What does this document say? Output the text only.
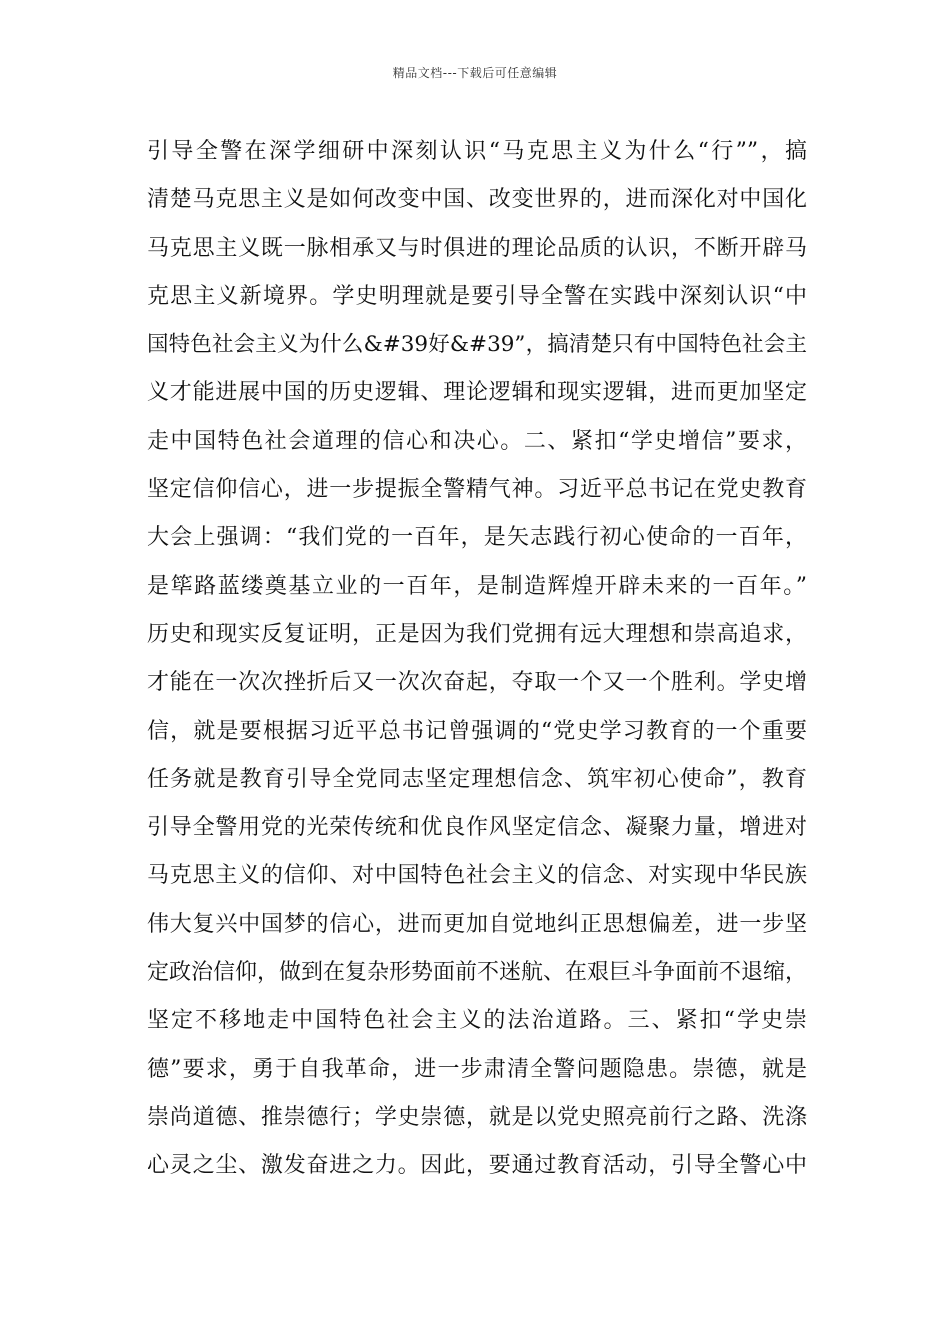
精品文档---下载后可任意编辑
引导全警在深学细研中深刻认识“马克思主义为什么“行””，搞
清楚马克思主义是如何改变中国、改变世界的，进而深化对中国化
马克思主义既一脉相承又与时俱进的理论品质的认识，不断开辟马
克思主义新境界。学史明理就是要引导全警在实践中深刻认识“中
国特色社会主义为什么&#39好&#39”，搞清楚只有中国特色社会主
义才能进展中国的历史逻辑、理论逻辑和现实逻辑，进而更加坚定
走中国特色社会道理的信心和决心。二、紧扣“学史增信”要求，
坚定信仰信心，进一步提振全警精气神。习近平总书记在党史教育
大会上强调：“我们党的一百年，是矢志践行初心使命的一百年，
是筚路蓝缕奠基立业的一百年，是制造辉煌开辟未来的一百年。”
历史和现实反复证明，正是因为我们党拥有远大理想和崇高追求，
才能在一次次挫折后又一次次奋起，夺取一个又一个胜利。学史增
信，就是要根据习近平总书记曾强调的“党史学习教育的一个重要
任务就是教育引导全党同志坚定理想信念、筑牢初心使命”，教育
引导全警用党的光荣传统和优良作风坚定信念、凝聚力量，增进对
马克思主义的信仰、对中国特色社会主义的信念、对实现中华民族
伟大复兴中国梦的信心，进而更加自觉地纠正思想偏差，进一步坚
定政治信仰，做到在复杂形势面前不迷航、在艰巨斗争面前不退缩，
坚定不移地走中国特色社会主义的法治道路。三、紧扣“学史崇
德”要求，勇于自我革命，进一步肃清全警问题隐患。崇德，就是
崇尚道德、推崇德行；学史崇德，就是以党史照亮前行之路、洗涤
心灵之尘、激发奋进之力。因此，要通过教育活动，引导全警心中
